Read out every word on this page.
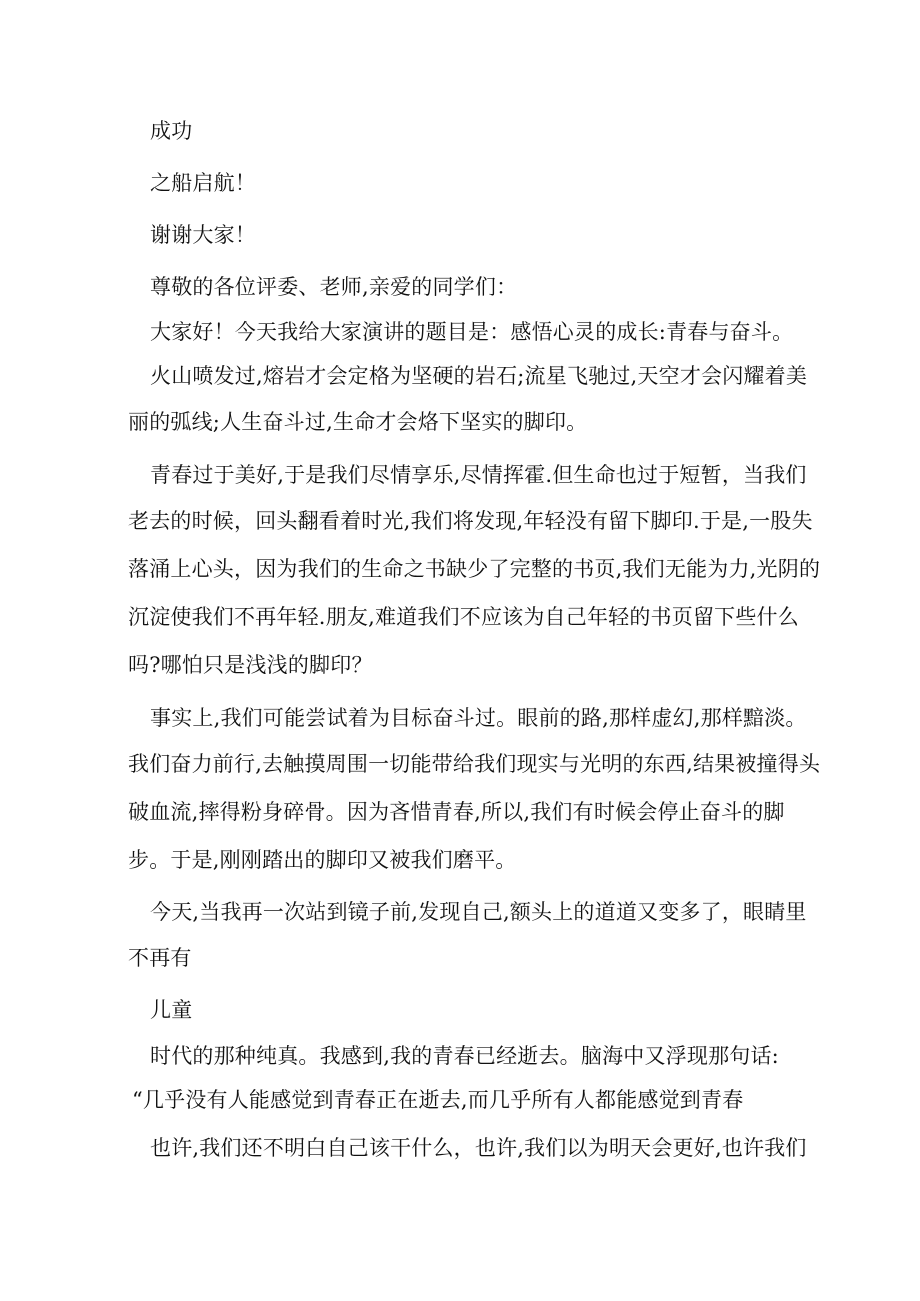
成功
之船启航！
谢谢大家！
尊敬的各位评委、老师,亲爱的同学们：
大家好！今天我给大家演讲的题目是：感悟心灵的成长:青春与奋斗。
火山喷发过,熔岩才会定格为坚硬的岩石;流星飞驰过,天空才会闪耀着美
丽的弧线;人生奋斗过,生命才会烙下坚实的脚印。
青春过于美好,于是我们尽情享乐,尽情挥霍.但生命也过于短暂，当我们
老去的时候，回头翻看着时光,我们将发现,年轻没有留下脚印.于是,一股失
落涌上心头，因为我们的生命之书缺少了完整的书页,我们无能为力,光阴的
沉淀使我们不再年轻.朋友,难道我们不应该为自己年轻的书页留下些什么
吗?哪怕只是浅浅的脚印？
事实上,我们可能尝试着为目标奋斗过。眼前的路,那样虚幻,那样黯淡。
我们奋力前行,去触摸周围一切能带给我们现实与光明的东西,结果被撞得头
破血流,摔得粉身碎骨。因为吝惜青春,所以,我们有时候会停止奋斗的脚
步。于是,刚刚踏出的脚印又被我们磨平。
今天,当我再一次站到镜子前,发现自己,额头上的道道又变多了，眼睛里
不再有
儿童
时代的那种纯真。我感到,我的青春已经逝去。脑海中又浮现那句话:
“几乎没有人能感觉到青春正在逝去,而几乎所有人都能感觉到青春
也许,我们还不明白自己该干什么，也许,我们以为明天会更好,也许我们
